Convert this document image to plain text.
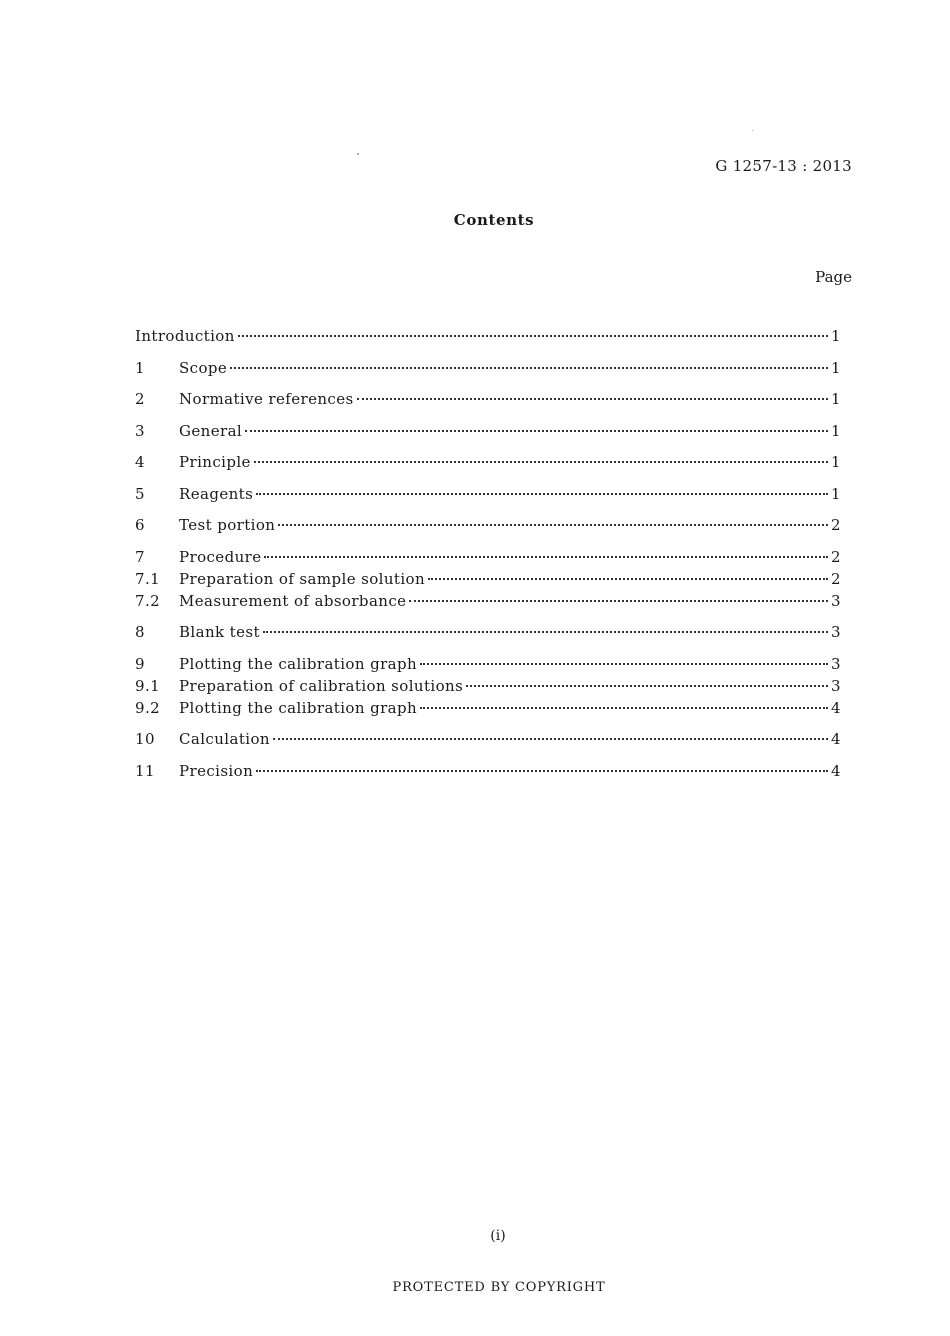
G 1257-13 : 2013
Contents
Page
Introduction	1
1	Scope	1
2	Normative references	1
3	General	1
4	Principle	1
5	Reagents	1
6	Test portion	2
7	Procedure	2
7.1	Preparation of sample solution	2
7.2	Measurement of absorbance	3
8	Blank test	3
9	Plotting the calibration graph	3
9.1	Preparation of calibration solutions	3
9.2	Plotting the calibration graph	4
10	Calculation	4
11	Precision	4
(i)
PROTECTED BY COPYRIGHT
